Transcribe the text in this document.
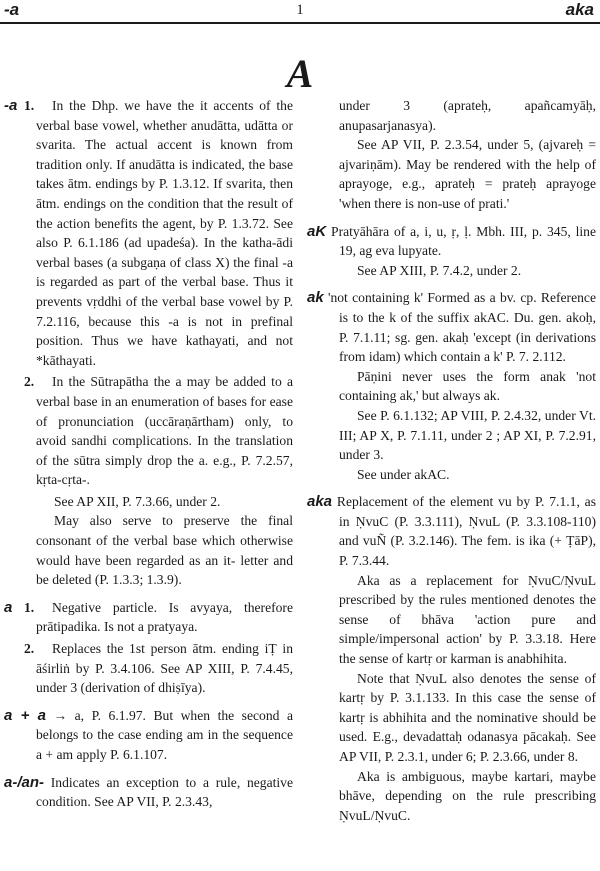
-a	1	aka
A
-a 1.	In the Dhp. we have the it accents of the verbal base vowel, whether anudātta, udātta or svarita. The actual accent is known from tradition only. If anudātta is indicated, the base takes ātm. endings by P. 1.3.12. If svarita, then ātm. endings on the condition that the result of the action benefits the agent, by P. 1.3.72. See also P. 6.1.186 (ad upadeśa). In the katha-ādi verbal bases (a subgaṇa of class X) the final -a is regarded as part of the verbal base. Thus it prevents vṛddhi of the verbal base vowel by P. 7.2.116, because this -a is not in prefinal position. Thus we have kathayati, and not *kāthayati.
2.	In the Sūtrapātha the a may be added to a verbal base in an enumeration of bases for ease of pronunciation (uccāraṇārtham) only, to avoid sandhi complications. In the translation of the sūtra simply drop the a. e.g., P. 7.2.57, kṛta-cṛta-.

See AP XII, P. 7.3.66, under 2.

May also serve to preserve the final consonant of the verbal base which otherwise would have been regarded as an it- letter and be deleted (P. 1.3.3; 1.3.9).

a 1.	Negative particle. Is avyaya, therefore prātipadika. Is not a pratyaya.
2.	Replaces the 1st person ātm. ending iṬ in āśirliṅ by P. 3.4.106. See AP XIII, P. 7.4.45, under 3 (derivation of dhiṣīya).
a + a → a, P. 6.1.97. But when the second a belongs to the case ending am in the sequence a + am apply P. 6.1.107.
a-/an- Indicates an exception to a rule, negative condition. See AP VII, P. 2.3.43,

under 3 (aprateḥ, apañcamyāḥ, anupasarjanasya).

See AP VII, P. 2.3.54, under 5, (ajvareḥ = ajvariṇām). May be rendered with the help of aprayoge, e.g., aprateḥ = prateḥ aprayoge 'when there is non-use of prati.'

aK Pratyāhāra of a, i, u, ṛ, ḷ. Mbh. III, p. 345, line 19, ag eva lupyate.

See AP XIII, P. 7.4.2, under 2.

ak 'not containing k' Formed as a bv. cp. Reference is to the k of the suffix akAC. Du. gen. akoḥ, P. 7.1.11; sg. gen. akaḥ 'except (in derivations from idam) which contain a k' P. 7. 2.112.

Pāṇini never uses the form anak 'not containing ak,' but always ak.

See P. 6.1.132; AP VIII, P. 2.4.32, under Vt. III; AP X, P. 7.1.11, under 2 ; AP XI, P. 7.2.91, under 3.

See under akAC.

aka Replacement of the element vu by P. 7.1.1, as in ṆvuC (P. 3.3.111), ṆvuL (P. 3.3.108-110) and vuÑ (P. 3.2.146). The fem. is ika (+ ṬāP), P. 7.3.44.

Aka as a replacement for ṆvuC/ṆvuL prescribed by the rules mentioned denotes the sense of bhāva 'action pure and simple/impersonal action' by P. 3.3.18. Here the sense of kartṛ or karman is anabhihita.

Note that ṆvuL also denotes the sense of kartṛ by P. 3.1.133. In this case the sense of kartṛ is abhihita and the nominative should be used. E.g., devadattaḥ odanasya pācakaḥ. See AP VII, P. 2.3.1, under 6; P. 2.3.66, under 8.

Aka is ambiguous, maybe kartari, maybe bhāve, depending on the rule prescribing ṆvuL/ṆvuC.
